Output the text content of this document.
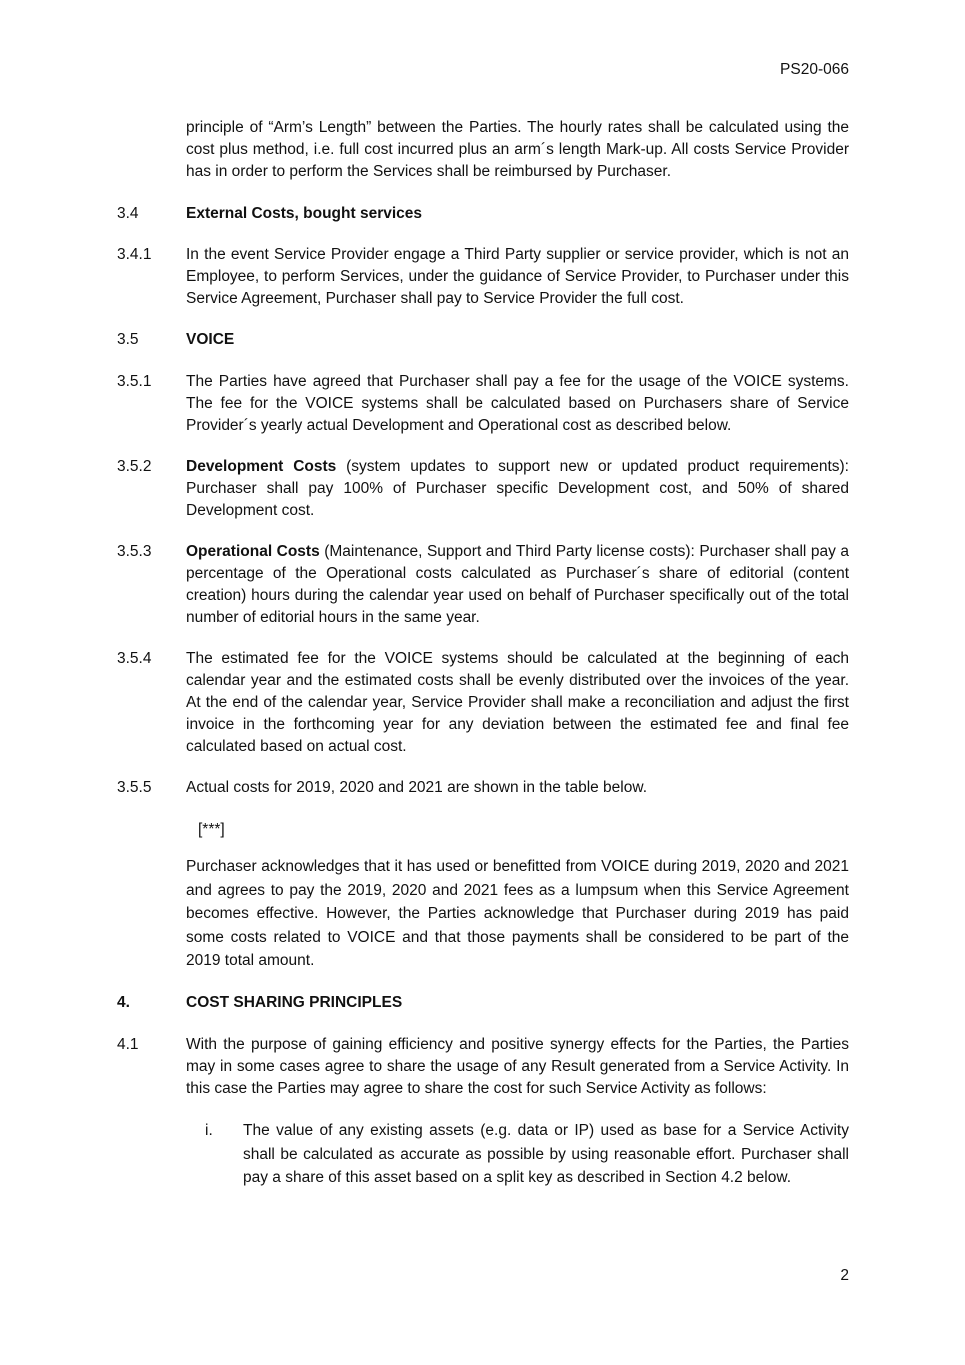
PS20-066
principle of “Arm’s Length” between the Parties. The hourly rates shall be calculated using the cost plus method, i.e. full cost incurred plus an arm´s length Mark-up. All costs Service Provider has in order to perform the Services shall be reimbursed by Purchaser.
3.4	External Costs, bought services
3.4.1	In the event Service Provider engage a Third Party supplier or service provider, which is not an Employee, to perform Services, under the guidance of Service Provider, to Purchaser under this Service Agreement, Purchaser shall pay to Service Provider the full cost.
3.5	VOICE
3.5.1	The Parties have agreed that Purchaser shall pay a fee for the usage of the VOICE systems. The fee for the VOICE systems shall be calculated based on Purchasers share of Service Provider´s yearly actual Development and Operational cost as described below.
3.5.2	Development Costs (system updates to support new or updated product requirements): Purchaser shall pay 100% of Purchaser specific Development cost, and 50% of shared Development cost.
3.5.3	Operational Costs (Maintenance, Support and Third Party license costs): Purchaser shall pay a percentage of the Operational costs calculated as Purchaser´s share of editorial (content creation) hours during the calendar year used on behalf of Purchaser specifically out of the total number of editorial hours in the same year.
3.5.4	The estimated fee for the VOICE systems should be calculated at the beginning of each calendar year and the estimated costs shall be evenly distributed over the invoices of the year. At the end of the calendar year, Service Provider shall make a reconciliation and adjust the first invoice in the forthcoming year for any deviation between the estimated fee and final fee calculated based on actual cost.
3.5.5	Actual costs for 2019, 2020 and 2021 are shown in the table below.
[***]
Purchaser acknowledges that it has used or benefitted from VOICE during 2019, 2020 and 2021 and agrees to pay the 2019, 2020 and 2021 fees as a lumpsum when this Service Agreement becomes effective. However, the Parties acknowledge that Purchaser during 2019 has paid some costs related to VOICE and that those payments shall be considered to be part of the 2019 total amount.
4.	COST SHARING PRINCIPLES
4.1	With the purpose of gaining efficiency and positive synergy effects for the Parties, the Parties may in some cases agree to share the usage of any Result generated from a Service Activity. In this case the Parties may agree to share the cost for such Service Activity as follows:
i. The value of any existing assets (e.g. data or IP) used as base for a Service Activity shall be calculated as accurate as possible by using reasonable effort. Purchaser shall pay a share of this asset based on a split key as described in Section 4.2 below.
2
